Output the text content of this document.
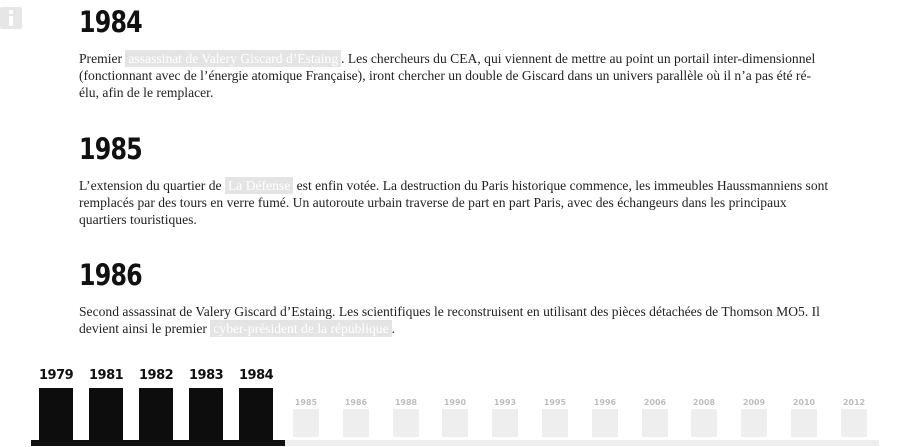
1984

Premier assassinat de Valery Giscard d’Estaing . Les chercheurs du CEA, qui viennent de mettre au point un portail inter-dimensionnel (fonctionnant avec de l’énergie atomique Française), iront chercher un double de Giscard dans un univers parallèle où il n’a pas été ré-élu, afin de le remplacer.

1985

L’extension du quartier de La Défense est enfin votée. La destruction du Paris historique commence, les immeubles Haussmanniens sont remplacés par des tours en verre fumé. Un autoroute urbain traverse de part en part Paris, avec des échangeurs dans les principaux quartiers touristiques.

1986

Second assassinat de Valery Giscard d’Estaing. Les scientifiques le reconstruisent en utilisant des pièces détachées de Thomson MO5. Il devient ainsi le premier cyber-président de la république .

1979 1981 1982 1983 1984
1985	1986	1988	1990	1993	1995	1996	2006	2008	2009	2010	2012
